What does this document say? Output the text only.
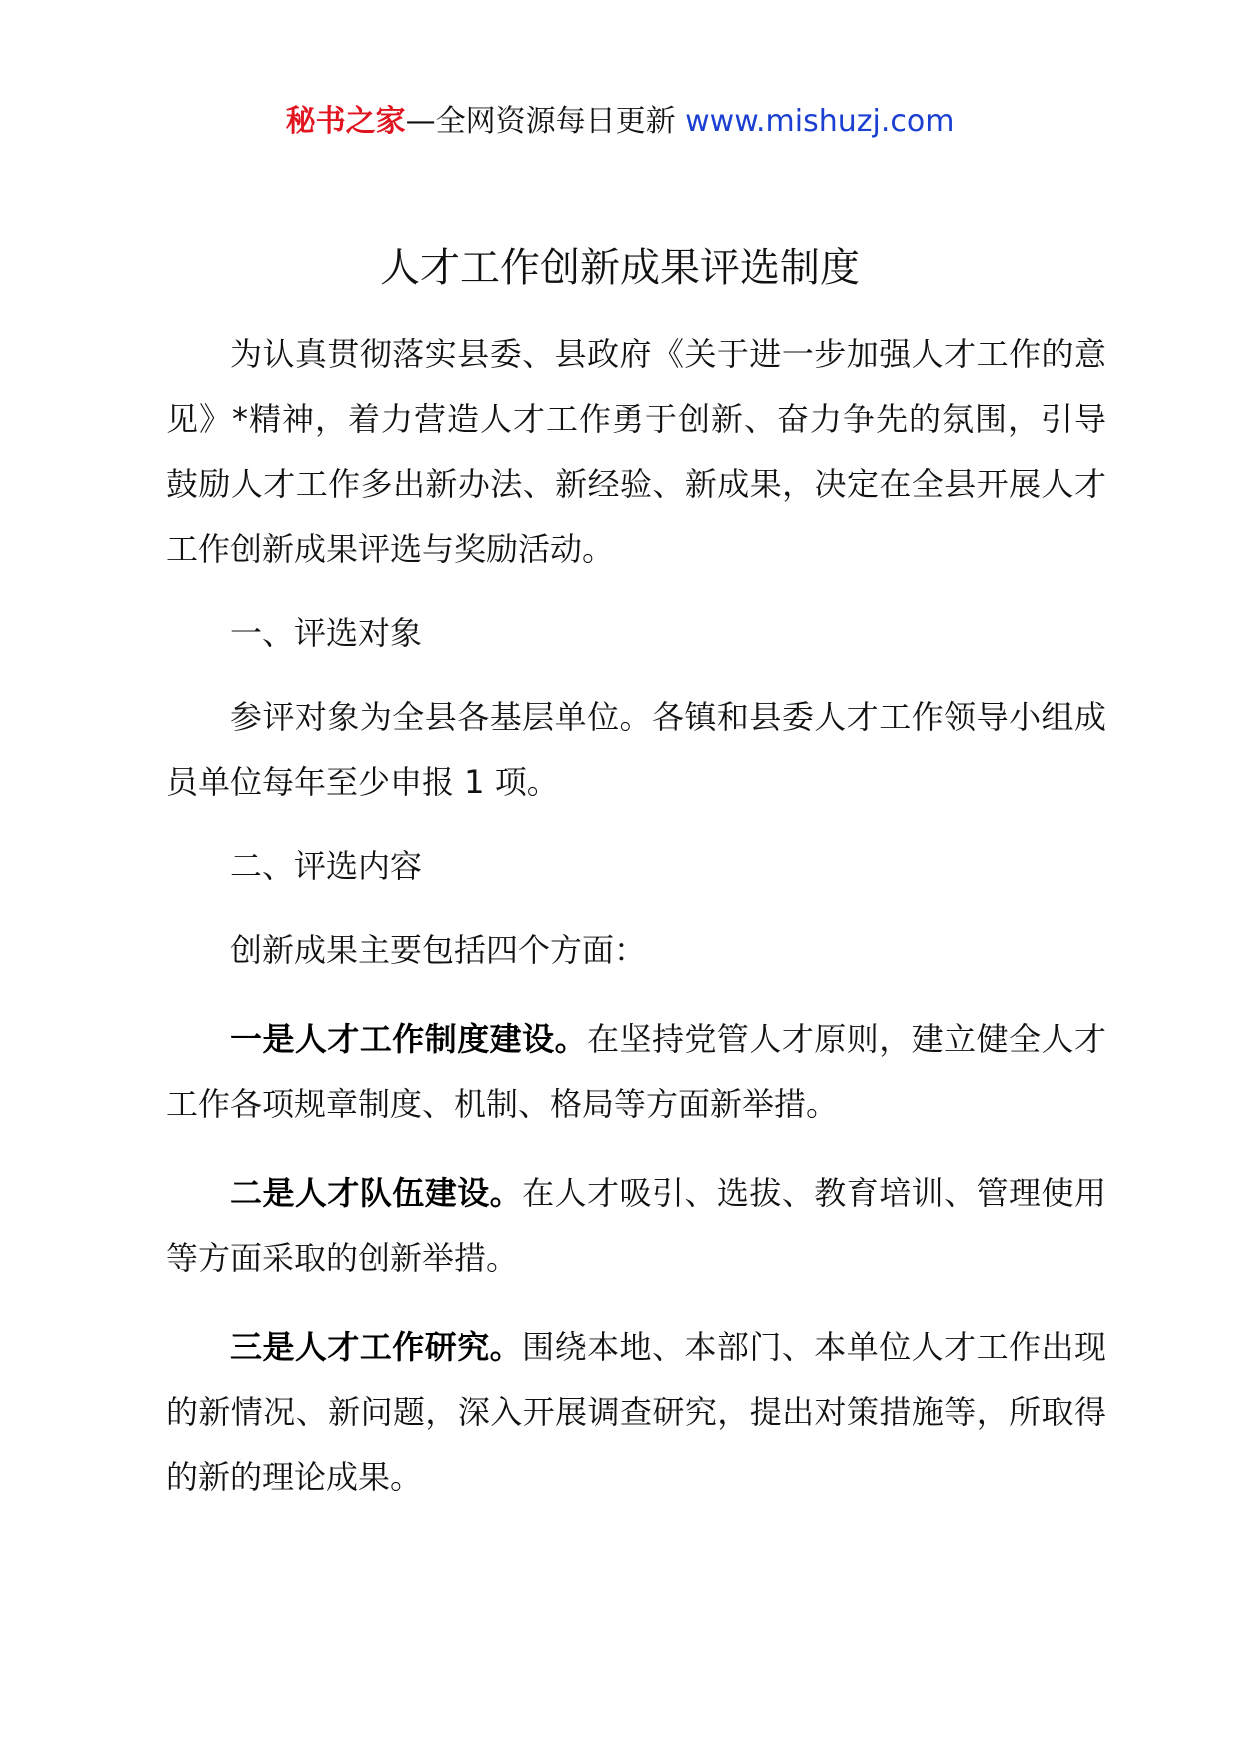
秘书之家—全网资源每日更新 www.mishuzj.com
人才工作创新成果评选制度

为认真贯彻落实县委、县政府《关于进一步加强人才工作的意见》*精神，着力营造人才工作勇于创新、奋力争先的氛围，引导鼓励人才工作多出新办法、新经验、新成果，决定在全县开展人才工作创新成果评选与奖励活动。

一、评选对象

参评对象为全县各基层单位。各镇和县委人才工作领导小组成员单位每年至少申报 1 项。

二、评选内容

创新成果主要包括四个方面：

一是人才工作制度建设。在坚持党管人才原则，建立健全人才工作各项规章制度、机制、格局等方面新举措。

二是人才队伍建设。在人才吸引、选拔、教育培训、管理使用等方面采取的创新举措。

三是人才工作研究。围绕本地、本部门、本单位人才工作出现的新情况、新问题，深入开展调查研究，提出对策措施等，所取得的新的理论成果。
